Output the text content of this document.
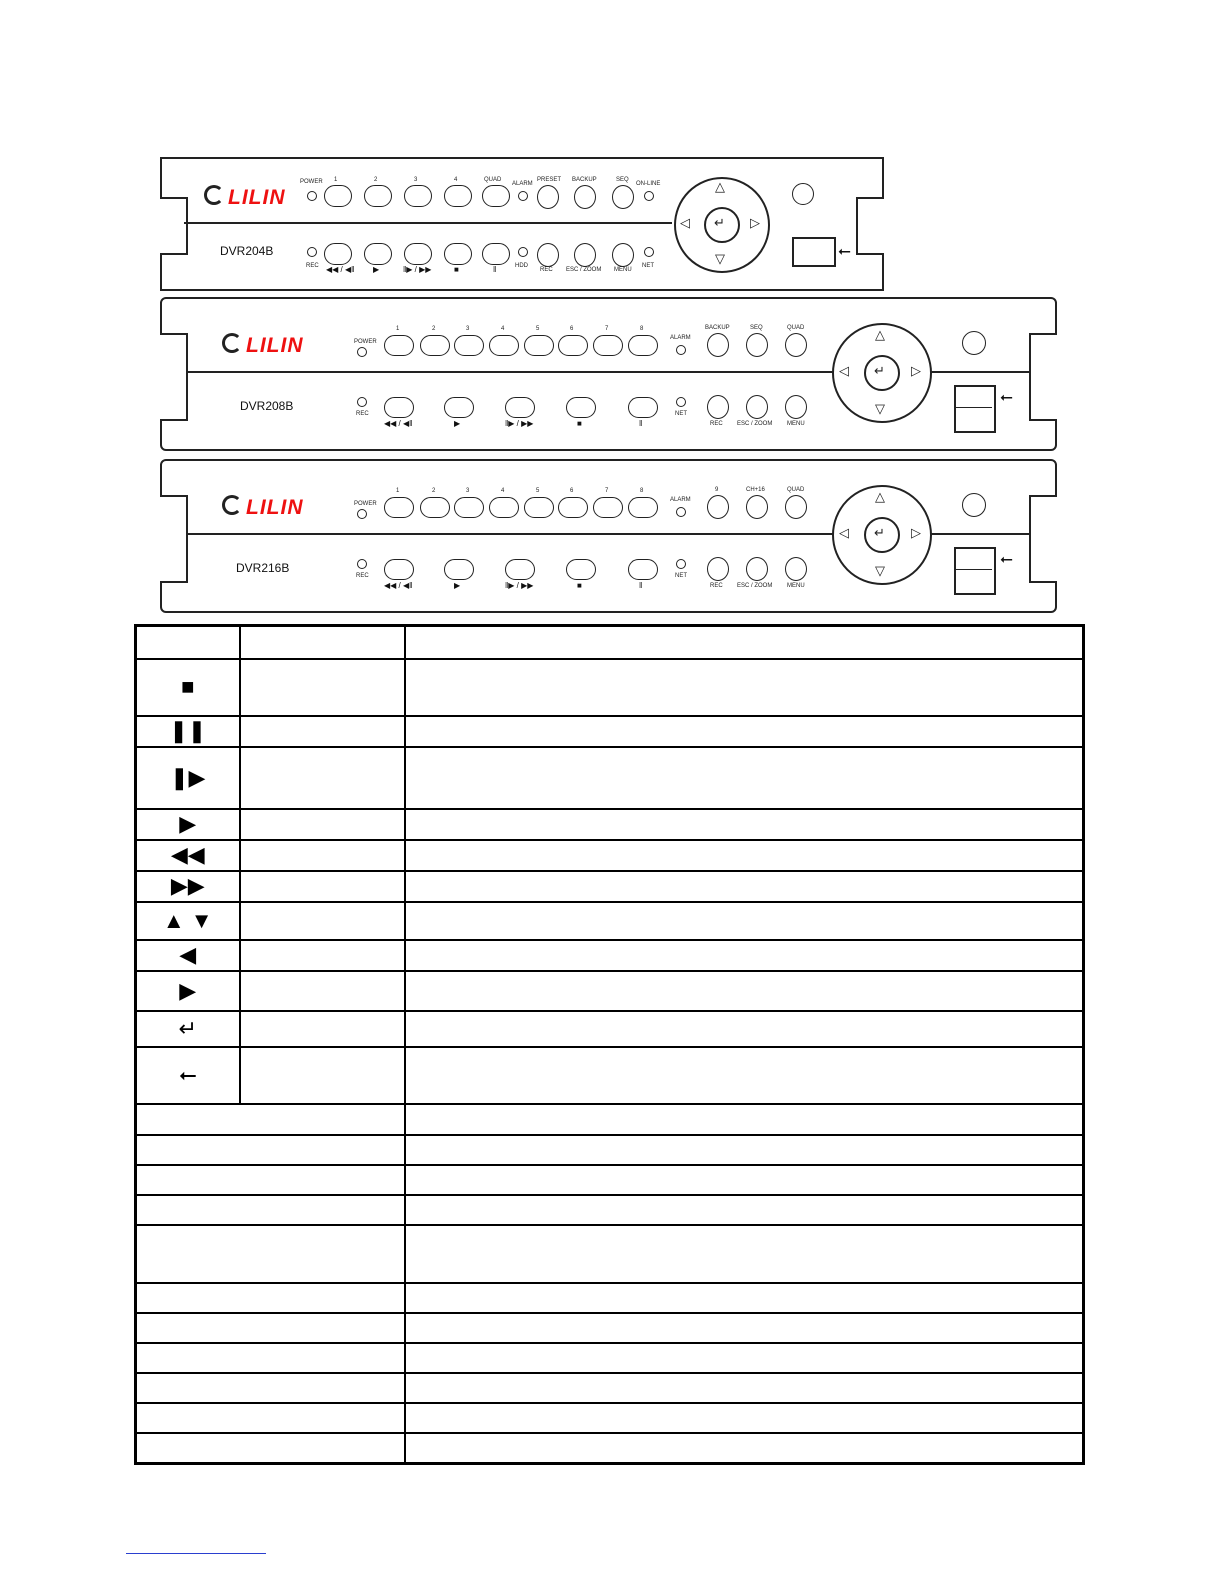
LILIN
DVR204B
POWER 1	2	3	4	QUAD
ALARM
PRESET BACKUP	SEQ
ON-LINE
REC ◀◀ / ◀‖ ▶	‖▶ / ▶▶	■	‖	HDD
REC ESC / ZOOM MENU
NET
△
▽
◁	▷
↵
⭠
LILIN
DVR208B
POWER
1	2	3	4	5	6	7	8
ALARM
BACKUP	SEQ	QUAD
REC
◀◀ / ◀‖	▶	‖▶ / ▶▶	■	‖
NET
REC ESC / ZOOM MENU
△
▽
◁	▷
↵
⭠
LILIN
DVR216B
POWER
1	2	3	4	5	6	7	8
ALARM
9	CH+16	QUAD
REC
◀◀ / ◀‖	▶	‖▶ / ▶▶	■	‖
NET
REC ESC / ZOOM MENU
△
▽
◁	▷
↵
⭠

■		
❚❚		
❚▶		
▶		
◀◀		
▶▶		
▲ ▼		
◀		
▶		
↵		
⭠		
